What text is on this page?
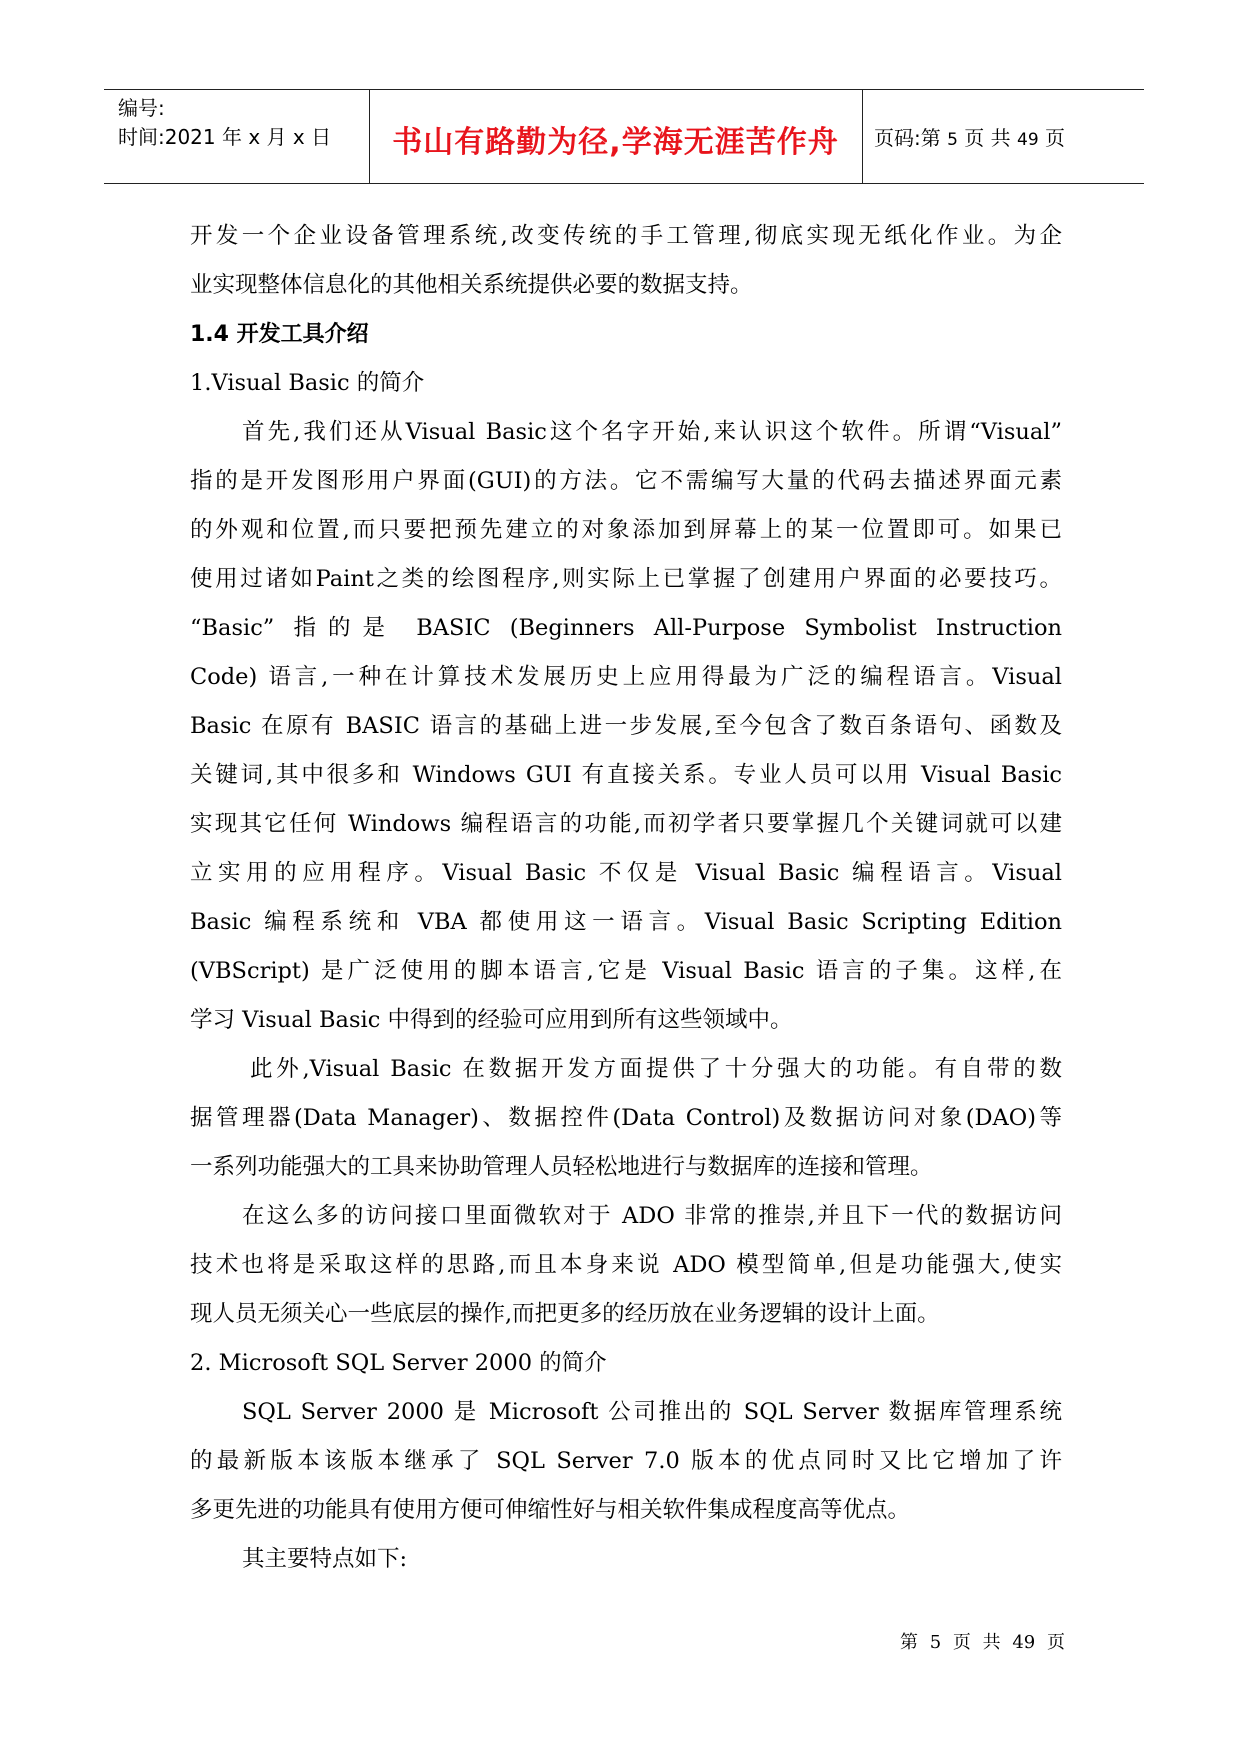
编号:
时间:2021 年 x 月 x 日	书山有路勤为径,学海无涯苦作舟	页码:第 5 页 共 49 页
开发一个企业设备管理系统,改变传统的手工管理,彻底实现无纸化作业。为企
业实现整体信息化的其他相关系统提供必要的数据支持。
1.4 开发工具介绍
1.Visual Basic 的简介
首先,我们还从Visual Basic这个名字开始,来认识这个软件。所谓“Visual”
指的是开发图形用户界面(GUI)的方法。它不需编写大量的代码去描述界面元素
的外观和位置,而只要把预先建立的对象添加到屏幕上的某一位置即可。如果已
使用过诸如Paint之类的绘图程序,则实际上已掌握了创建用户界面的必要技巧。
“Basic” 指的是 BASIC (Beginners All-Purpose Symbolist Instruction
Code) 语言,一种在计算技术发展历史上应用得最为广泛的编程语言。Visual
Basic 在原有 BASIC 语言的基础上进一步发展,至今包含了数百条语句、函数及
关键词,其中很多和 Windows GUI 有直接关系。专业人员可以用 Visual Basic
实现其它任何 Windows 编程语言的功能,而初学者只要掌握几个关键词就可以建
立实用的应用程序。Visual Basic 不仅是 Visual Basic 编程语言。Visual
Basic 编程系统和 VBA 都使用这一语言。Visual Basic Scripting Edition
(VBScript) 是广泛使用的脚本语言,它是 Visual Basic 语言的子集。这样,在
学习 Visual Basic 中得到的经验可应用到所有这些领域中。
此外,Visual Basic 在数据开发方面提供了十分强大的功能。有自带的数
据管理器(Data Manager)、数据控件(Data Control)及数据访问对象(DAO)等
一系列功能强大的工具来协助管理人员轻松地进行与数据库的连接和管理。
在这么多的访问接口里面微软对于 ADO 非常的推崇,并且下一代的数据访问
技术也将是采取这样的思路,而且本身来说 ADO 模型简单,但是功能强大,使实
现人员无须关心一些底层的操作,而把更多的经历放在业务逻辑的设计上面。
2. Microsoft SQL Server 2000 的简介
SQL Server 2000 是 Microsoft 公司推出的 SQL Server 数据库管理系统
的最新版本该版本继承了 SQL Server 7.0 版本的优点同时又比它增加了许
多更先进的功能具有使用方便可伸缩性好与相关软件集成程度高等优点。
其主要特点如下:
第 5 页 共 49 页
